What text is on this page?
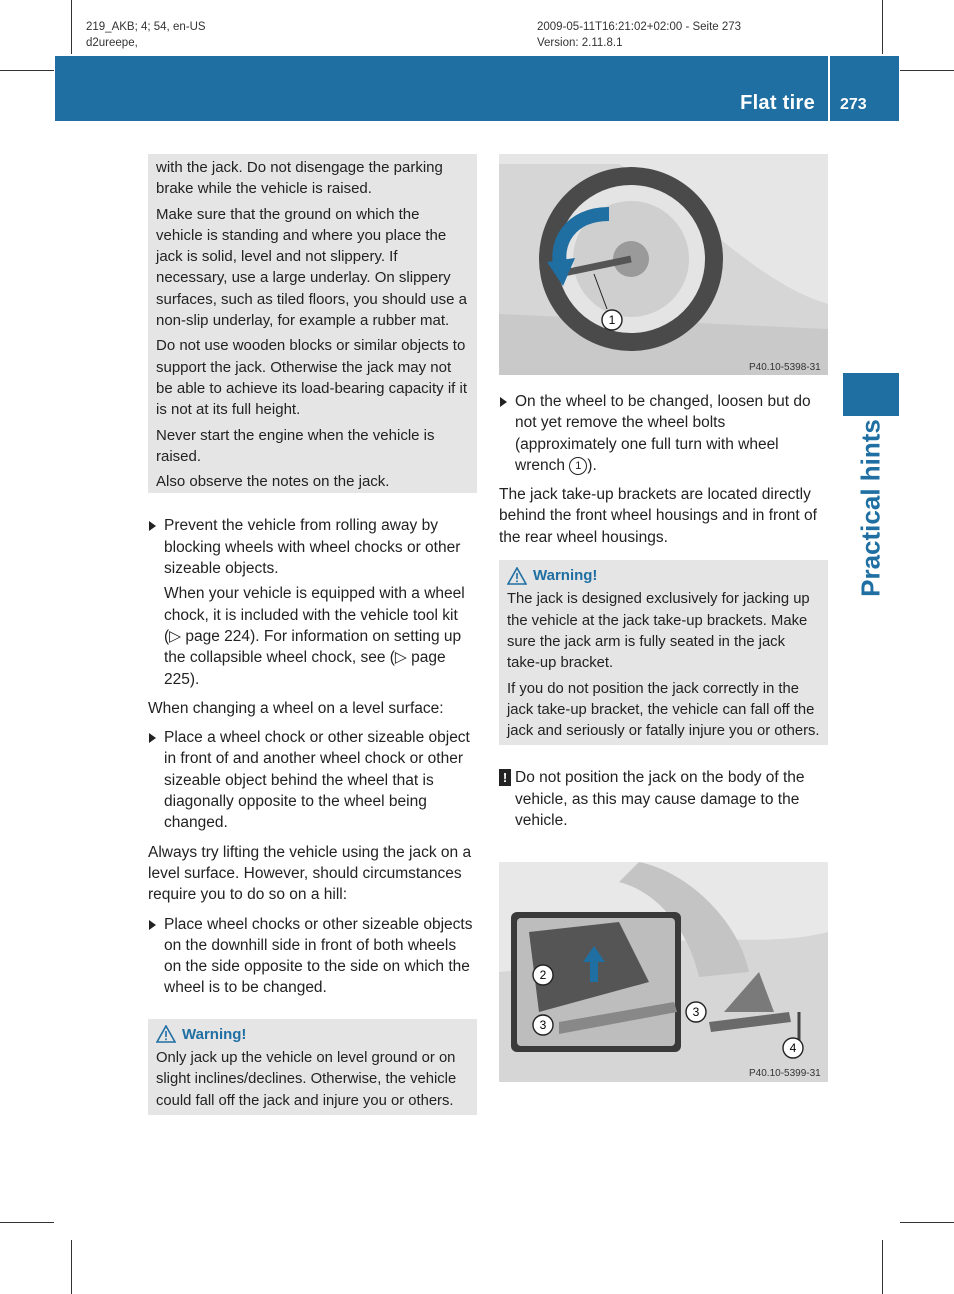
219_AKB; 4; 54, en-US
d2ureepe,
2009-05-11T16:21:02+02:00 - Seite 273
Version: 2.11.8.1
Flat tire 273
Practical hints

with the jack. Do not disengage the parking brake while the vehicle is raised.

Make sure that the ground on which the vehicle is standing and where you place the jack is solid, level and not slippery. If necessary, use a large underlay. On slippery surfaces, such as tiled floors, you should use a non-slip underlay, for example a rubber mat.

Do not use wooden blocks or similar objects to support the jack. Otherwise the jack may not be able to achieve its load-bearing capacity if it is not at its full height.

Never start the engine when the vehicle is raised.

Also observe the notes on the jack.

Prevent the vehicle from rolling away by blocking wheels with wheel chocks or other sizeable objects.
When your vehicle is equipped with a wheel chock, it is included with the vehicle tool kit (▷ page 224). For information on setting up the collapsible wheel chock, see (▷ page 225).

When changing a wheel on a level surface:

Place a wheel chock or other sizeable object in front of and another wheel chock or other sizeable object behind the wheel that is diagonally opposite to the wheel being changed.

Always try lifting the vehicle using the jack on a level surface. However, should circumstances require you to do so on a hill:

Place wheel chocks or other sizeable objects on the downhill side in front of both wheels on the side opposite to the side on which the wheel is to be changed.
Warning!

Only jack up the vehicle on level ground or on slight inclines/declines. Otherwise, the vehicle could fall off the jack and injure you or others.

1
P40.10-5398-31
On the wheel to be changed, loosen but do not yet remove the wheel bolts (approximately one full turn with wheel wrench 1 ).

The jack take-up brackets are located directly behind the front wheel housings and in front of the rear wheel housings.

Warning!

The jack is designed exclusively for jacking up the vehicle at the jack take-up brackets. Make sure the jack arm is fully seated in the jack take-up bracket.

If you do not position the jack correctly in the jack take-up bracket, the vehicle can fall off the jack and seriously or fatally injure you or others.

! Do not position the jack on the body of the vehicle, as this may cause damage to the vehicle.
2
3
3
4
P40.10-5399-31
